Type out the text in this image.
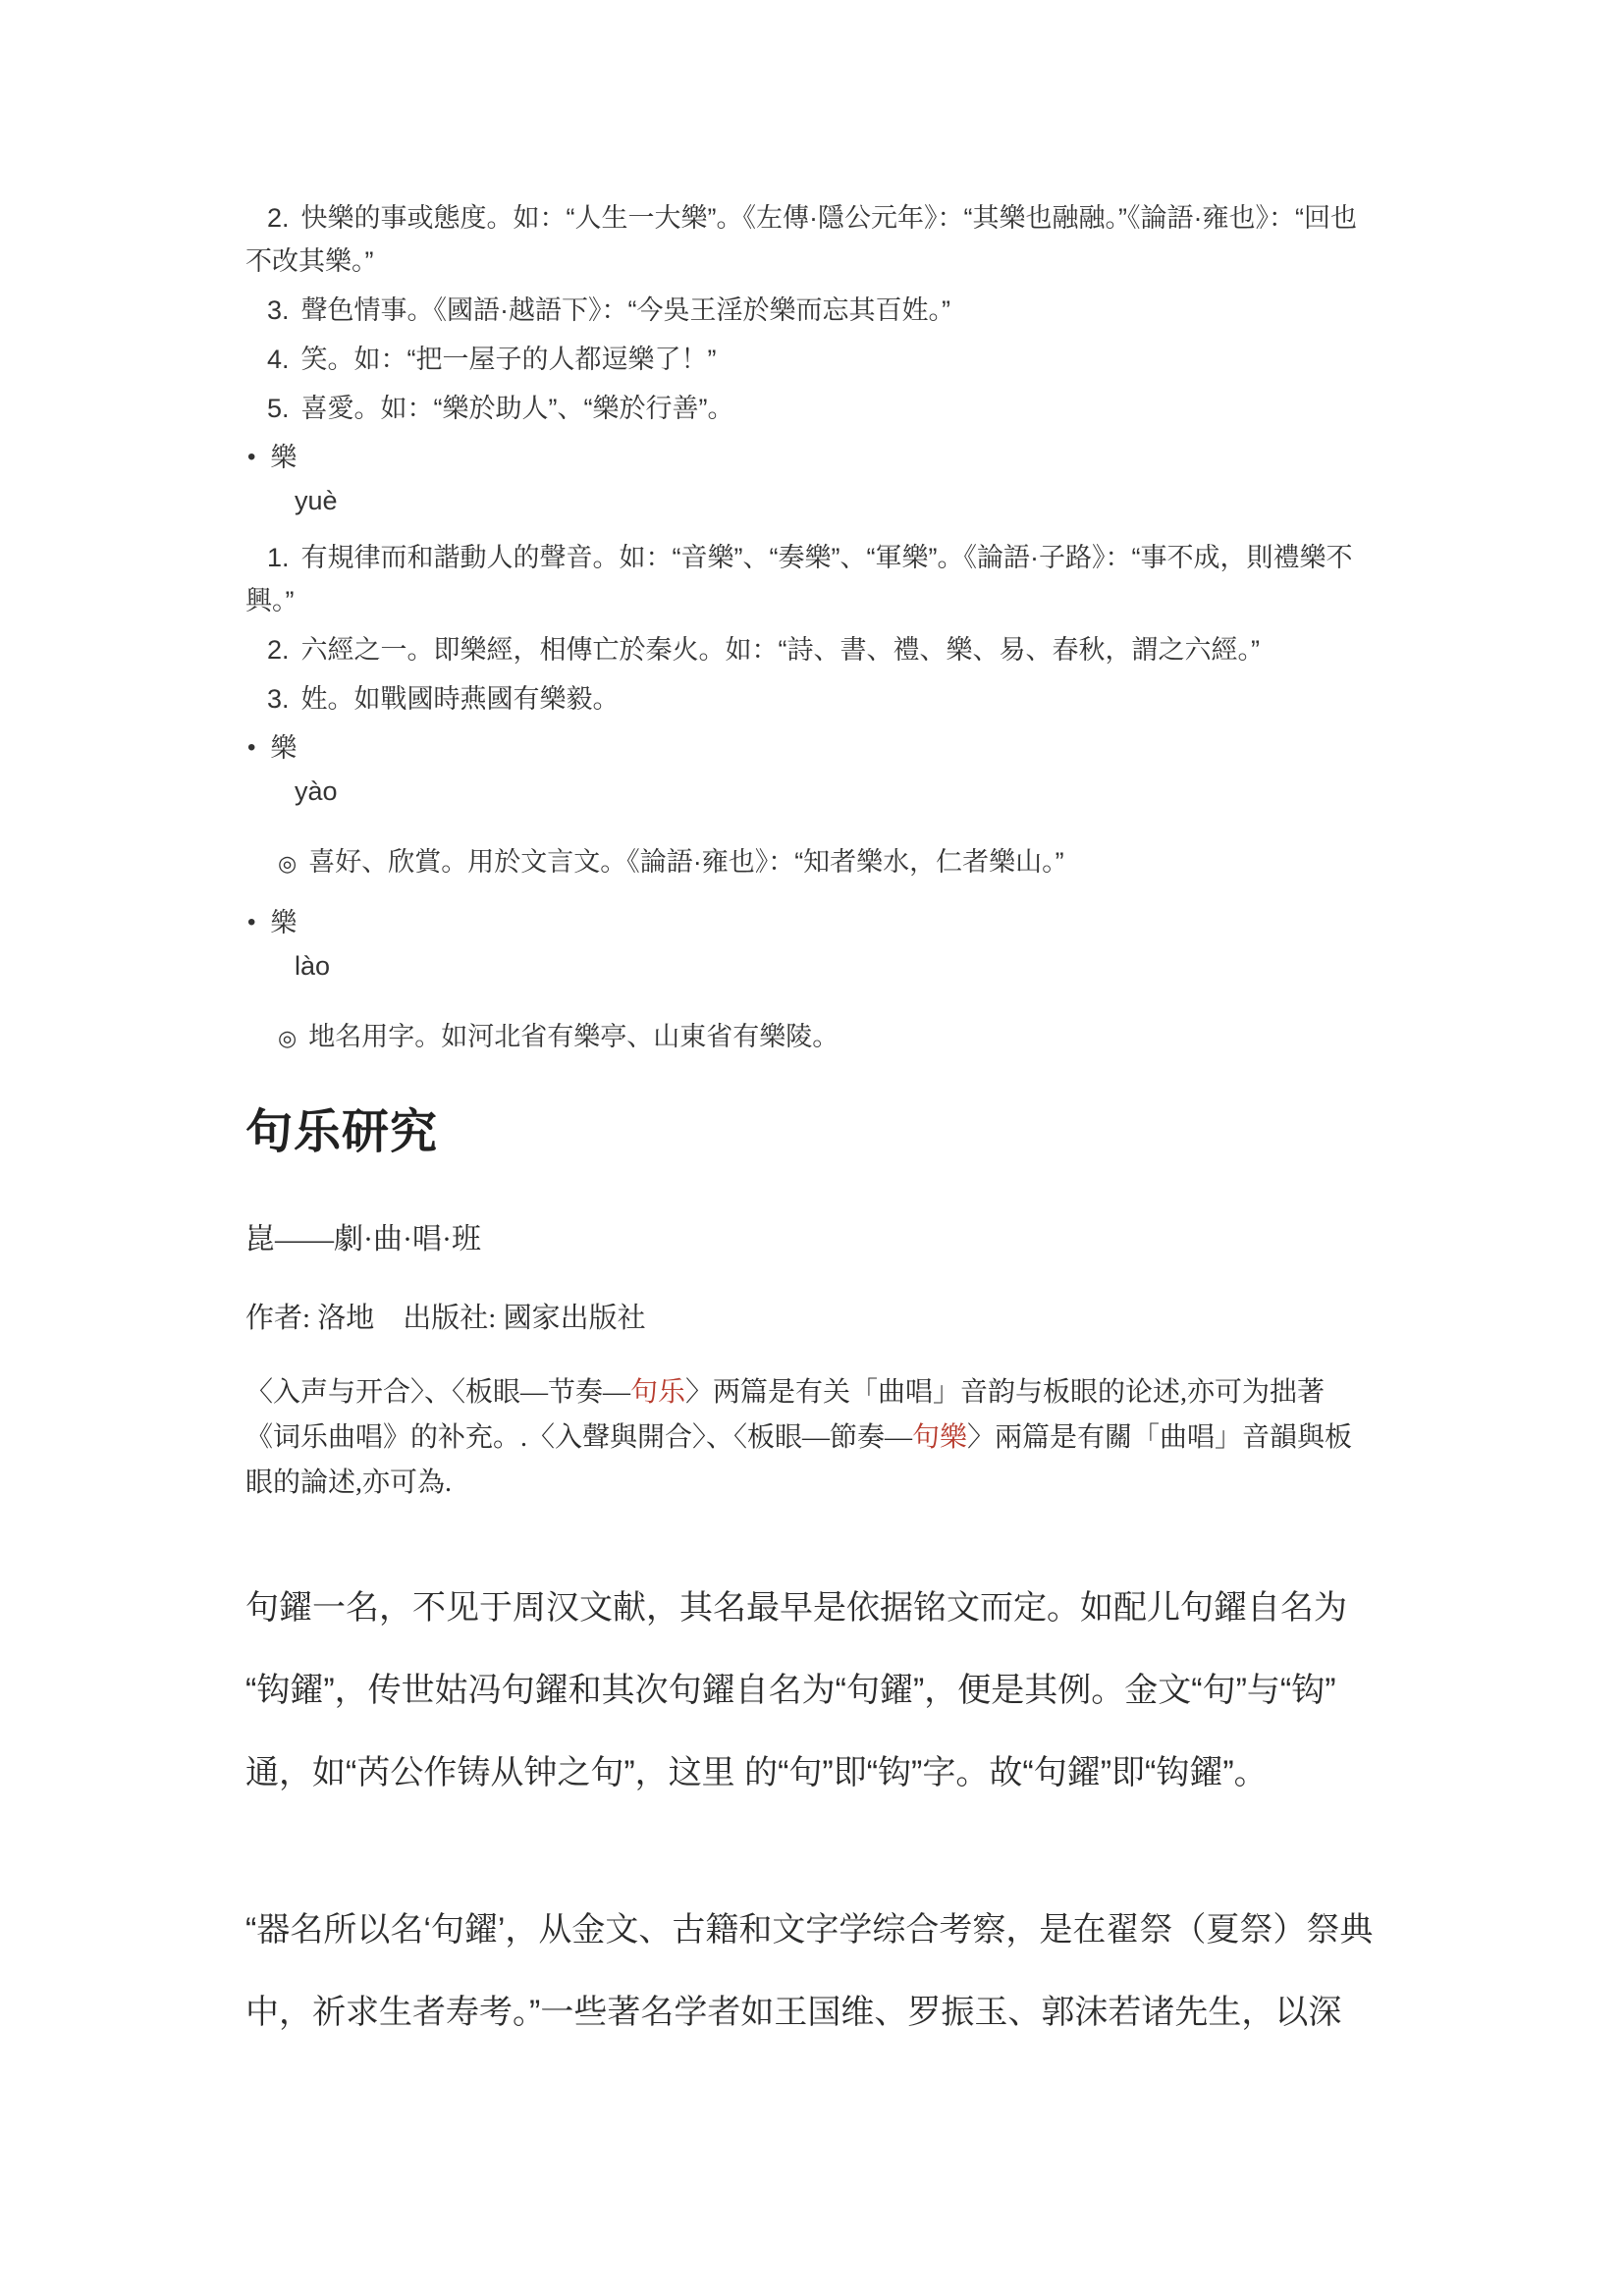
2. 快樂的事或態度。如：“人生一大樂”。《左傳·隱公元年》：“其樂也融融。”《論語·雍也》：“回也不改其樂。”
3. 聲色情事。《國語·越語下》：“今吳王淫於樂而忘其百姓。”
4. 笑。如：“把一屋子的人都逗樂了！”
5. 喜愛。如：“樂於助人”、“樂於行善”。
• 樂
yuè
1. 有規律而和諧動人的聲音。如：“音樂”、“奏樂”、“軍樂”。《論語·子路》：“事不成，則禮樂不興。”
2. 六經之一。即樂經，相傳亡於秦火。如：“詩、書、禮、樂、易、春秋，謂之六經。”
3. 姓。如戰國時燕國有樂毅。
• 樂
yào
◎ 喜好、欣賞。用於文言文。《論語·雍也》：“知者樂水，仁者樂山。”
• 樂
lào
◎ 地名用字。如河北省有樂亭、山東省有樂陵。
句乐研究
崑——劇·曲·唱·班
作者: 洛地　出版社: 國家出版社
〈入声与开合〉、〈板眼—节奏—句乐〉两篇是有关「曲唱」音韵与板眼的论述,亦可为拙著《词乐曲唱》的补充。.〈入聲與開合〉、〈板眼—節奏—句樂〉兩篇是有關「曲唱」音韻與板眼的論述,亦可為.

句鑃一名，不见于周汉文献，其名最早是依据铭文而定。如配儿句鑃自名为“钩鑃”，传世姑冯句鑃和其次句鑃自名为“句鑃”，便是其例。金文“句”与“钩”通，如“芮公作铸从钟之句”，这里 的“句”即“钩”字。故“句鑃”即“钩鑃”。

“器名所以名‘句鑃’，从金文、古籍和文字学综合考察，是在翟祭（夏祭）祭典中，祈求生者寿考。”一些著名学者如王国维、罗振玉、郭沫若诸先生，以深
